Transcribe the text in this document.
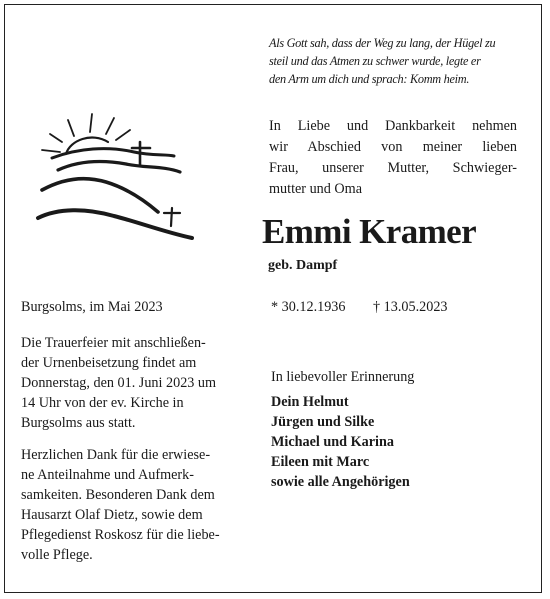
Als Gott sah, dass der Weg zu lang, der Hügel zu
steil und das Atmen zu schwer wurde, legte er
den Arm um dich und sprach: Komm heim.
In Liebe und Dankbarkeit nehmen
wir Abschied von meiner lieben
Frau, unserer Mutter, Schwieger-
mutter und Oma
Emmi Kramer
geb. Dampf
Burgsolms, im Mai 2023	* 30.12.1936 † 13.05.2023
Die Trauerfeier mit anschließen-
der Urnenbeisetzung findet am
Donnerstag, den 01. Juni 2023 um
14 Uhr von der ev. Kirche in
Burgsolms aus statt.
Herzlichen Dank für die erwiese-
ne Anteilnahme und Aufmerk-
samkeiten. Besonderen Dank dem
Hausarzt Olaf Dietz, sowie dem
Pflegedienst Roskosz für die liebe-
volle Pflege.
In liebevoller Erinnerung
Dein Helmut
Jürgen und Silke
Michael und Karina
Eileen mit Marc
sowie alle Angehörigen
